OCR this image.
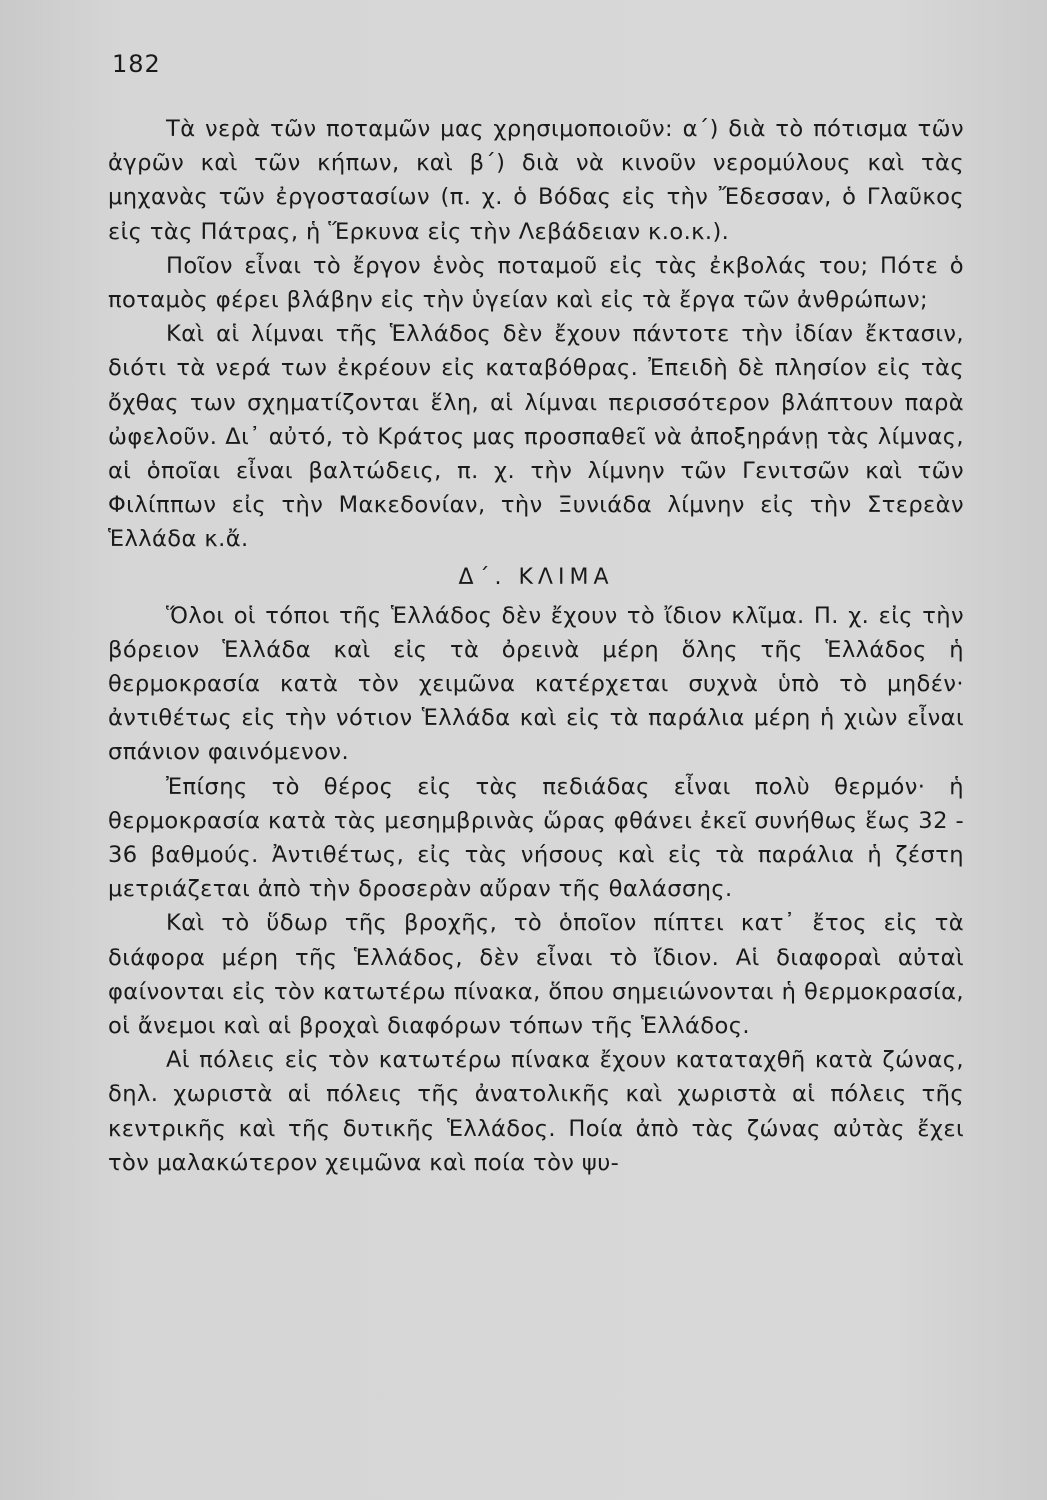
182

Τὰ νερὰ τῶν ποταμῶν μας χρησιμοποιοῦν: α΄) διὰ τὸ πότισμα τῶν ἀγρῶν καὶ τῶν κήπων, καὶ β΄) διὰ νὰ κινοῦν νερομύλους καὶ τὰς μηχανὰς τῶν ἐργοστασίων (π. χ. ὁ Βόδας εἰς τὴν Ἔδεσσαν, ὁ Γλαῦκος εἰς τὰς Πάτρας, ἡ Ἕρκυνα εἰς τὴν Λεβάδειαν κ.ο.κ.).

Ποῖον εἶναι τὸ ἔργον ἑνὸς ποταμοῦ εἰς τὰς ἐκβολάς του; Πότε ὁ ποταμὸς φέρει βλάβην εἰς τὴν ὑγείαν καὶ εἰς τὰ ἔργα τῶν ἀνθρώπων;

Καὶ αἱ λίμναι τῆς Ἑλλάδος δὲν ἔχουν πάντοτε τὴν ἰδίαν ἔκτασιν, διότι τὰ νερά των ἐκρέουν εἰς καταβόθρας. Ἐπειδὴ δὲ πλησίον εἰς τὰς ὄχθας των σχηματίζονται ἕλη, αἱ λίμναι περισσότερον βλάπτουν παρὰ ὠφελοῦν. Δι᾿ αὐτό, τὸ Κράτος μας προσπαθεῖ νὰ ἀποξηράνῃ τὰς λίμνας, αἱ ὁποῖαι εἶναι βαλτώδεις, π. χ. τὴν λίμνην τῶν Γενιτσῶν καὶ τῶν Φιλίππων εἰς τὴν Μακεδονίαν, τὴν Ξυνιάδα λίμνην εἰς τὴν Στερεὰν Ἑλλάδα κ.ἄ.

Δ΄. ΚΛΙΜΑ

Ὅλοι οἱ τόποι τῆς Ἑλλάδος δὲν ἔχουν τὸ ἴδιον κλῖμα. Π. χ. εἰς τὴν βόρειον Ἑλλάδα καὶ εἰς τὰ ὀρεινὰ μέρη ὅλης τῆς Ἑλλάδος ἡ θερμοκρασία κατὰ τὸν χειμῶνα κατέρχεται συχνὰ ὑπὸ τὸ μηδέν· ἀντιθέτως εἰς τὴν νότιον Ἑλλάδα καὶ εἰς τὰ παράλια μέρη ἡ χιὼν εἶναι σπάνιον φαινόμενον.

Ἐπίσης τὸ θέρος εἰς τὰς πεδιάδας εἶναι πολὺ θερμόν· ἡ θερμοκρασία κατὰ τὰς μεσημβρινὰς ὥρας φθάνει ἐκεῖ συνήθως ἕως 32 - 36 βαθμούς. Ἀντιθέτως, εἰς τὰς νήσους καὶ εἰς τὰ παράλια ἡ ζέστη μετριάζεται ἀπὸ τὴν δροσερὰν αὔραν τῆς θαλάσσης.

Καὶ τὸ ὕδωρ τῆς βροχῆς, τὸ ὁποῖον πίπτει κατ᾿ ἔτος εἰς τὰ διάφορα μέρη τῆς Ἑλλάδος, δὲν εἶναι τὸ ἴδιον. Αἱ διαφοραὶ αὐταὶ φαίνονται εἰς τὸν κατωτέρω πίνακα, ὅπου σημειώνονται ἡ θερμοκρασία, οἱ ἄνεμοι καὶ αἱ βροχαὶ διαφόρων τόπων τῆς Ἑλλάδος.

Αἱ πόλεις εἰς τὸν κατωτέρω πίνακα ἔχουν καταταχθῆ κατὰ ζώνας, δηλ. χωριστὰ αἱ πόλεις τῆς ἀνατολικῆς καὶ χωριστὰ αἱ πόλεις τῆς κεντρικῆς καὶ τῆς δυτικῆς Ἑλλάδος. Ποία ἀπὸ τὰς ζώνας αὐτὰς ἔχει τὸν μαλακώτερον χειμῶνα καὶ ποία τὸν ψυ-
